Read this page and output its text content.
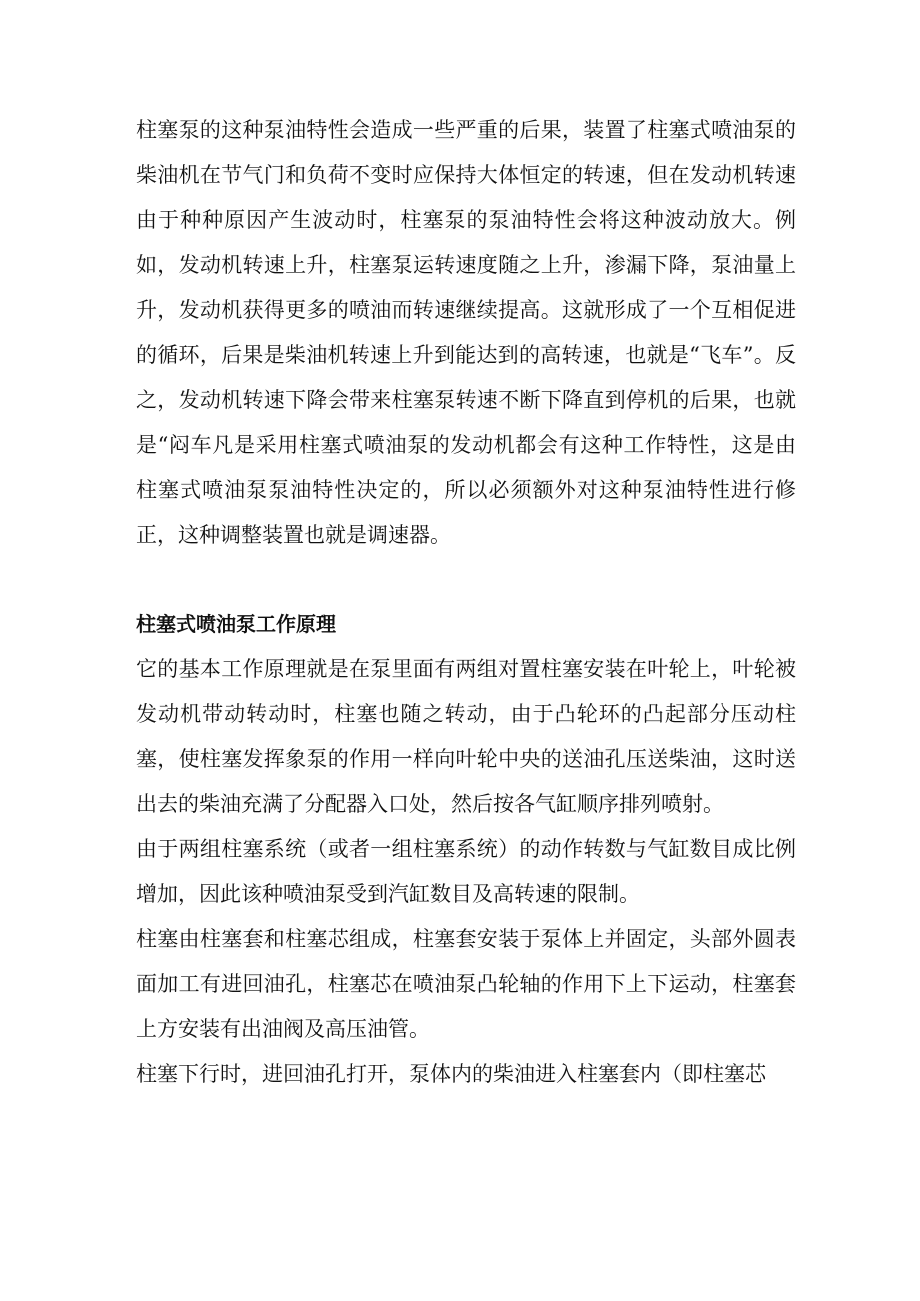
柱塞泵的这种泵油特性会造成一些严重的后果，装置了柱塞式喷油泵的柴油机在节气门和负荷不变时应保持大体恒定的转速，但在发动机转速由于种种原因产生波动时，柱塞泵的泵油特性会将这种波动放大。例如，发动机转速上升，柱塞泵运转速度随之上升，渗漏下降，泵油量上升，发动机获得更多的喷油而转速继续提高。这就形成了一个互相促进的循环，后果是柴油机转速上升到能达到的高转速，也就是“飞车”。反之，发动机转速下降会带来柱塞泵转速不断下降直到停机的后果，也就是“闷车凡是采用柱塞式喷油泵的发动机都会有这种工作特性，这是由柱塞式喷油泵泵油特性决定的，所以必须额外对这种泵油特性进行修正，这种调整装置也就是调速器。

柱塞式喷油泵工作原理

它的基本工作原理就是在泵里面有两组对置柱塞安装在叶轮上，叶轮被发动机带动转动时，柱塞也随之转动，由于凸轮环的凸起部分压动柱塞，使柱塞发挥象泵的作用一样向叶轮中央的送油孔压送柴油，这时送出去的柴油充满了分配器入口处，然后按各气缸顺序排列喷射。

由于两组柱塞系统（或者一组柱塞系统）的动作转数与气缸数目成比例增加，因此该种喷油泵受到汽缸数目及高转速的限制。

柱塞由柱塞套和柱塞芯组成，柱塞套安装于泵体上并固定，头部外圆表面加工有进回油孔，柱塞芯在喷油泵凸轮轴的作用下上下运动，柱塞套上方安装有出油阀及高压油管。

柱塞下行时，进回油孔打开，泵体内的柴油进入柱塞套内（即柱塞芯
